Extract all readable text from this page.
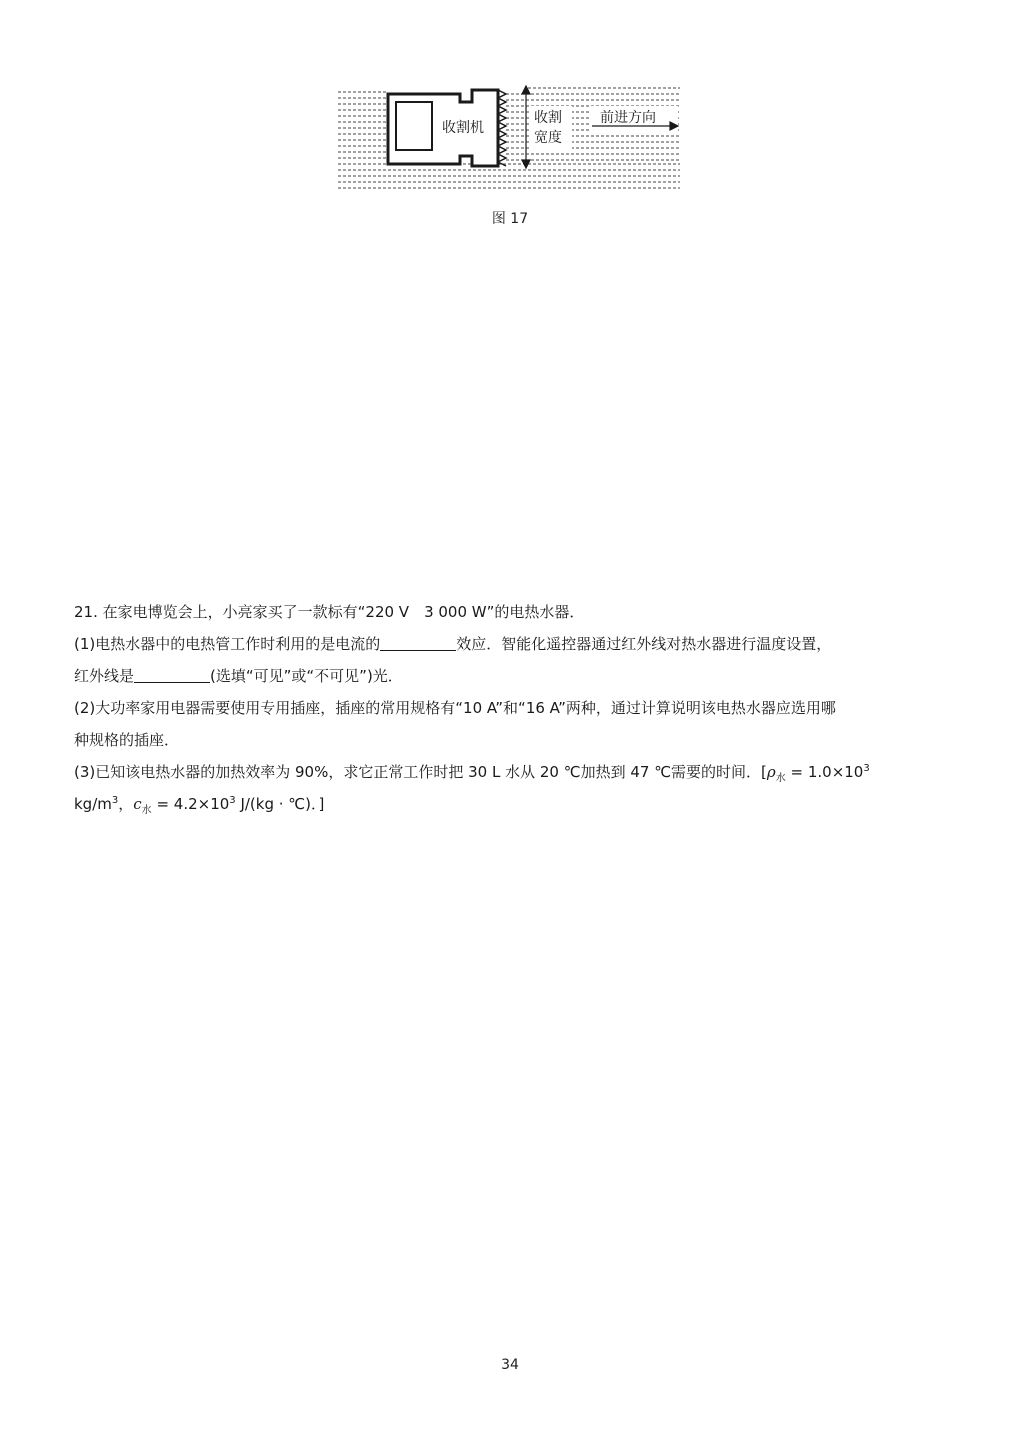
收割机
收割
宽度
前进方向
图 17

21. 在家电博览会上，小亮家买了一款标有“220 V　3 000 W”的电热水器．

(1)电热水器中的电热管工作时利用的是电流的	效应．智能化遥控器通过红外线对热水器进行温度设置，

红外线是	(选填“可见”或“不可见”)光．

(2)大功率家用电器需要使用专用插座，插座的常用规格有“10 A”和“16 A”两种，通过计算说明该电热水器应选用哪

种规格的插座．

(3)已知该电热水器的加热效率为 90%，求它正常工作时把 30 L 水从 20 ℃加热到 47 ℃需要的时间．[$\rho_水 = 1.0\times 10^3$

$kg/m^3$，$c_水 = 4.2\times 10^3$ J/(kg · ℃)．]

34
